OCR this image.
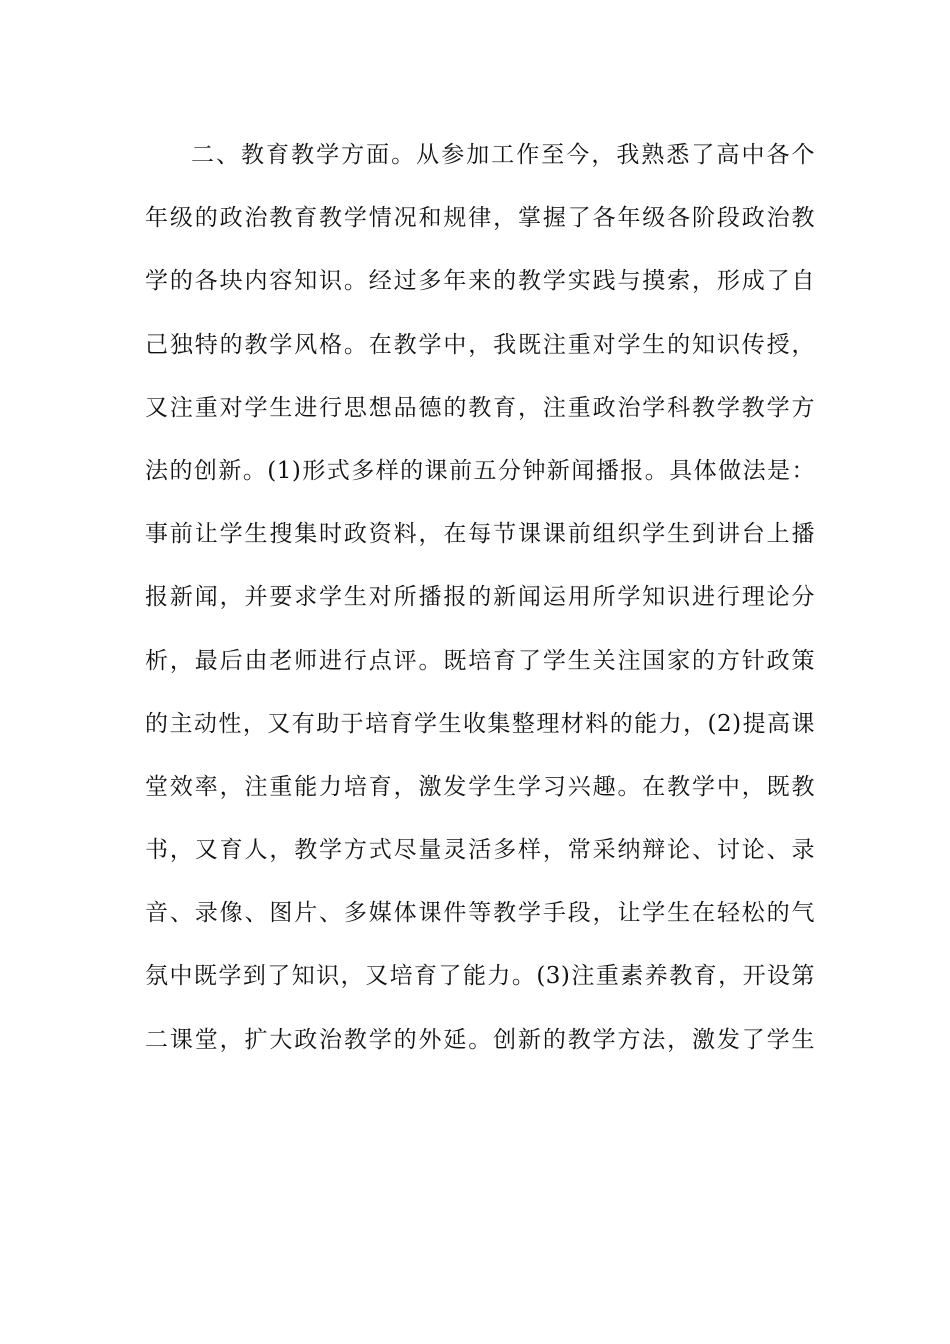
二、教育教学方面。从参加工作至今，我熟悉了高中各个
年级的政治教育教学情况和规律，掌握了各年级各阶段政治教
学的各块内容知识。经过多年来的教学实践与摸索，形成了自
己独特的教学风格。在教学中，我既注重对学生的知识传授，
又注重对学生进行思想品德的教育，注重政治学科教学教学方
法的创新。(1)形式多样的课前五分钟新闻播报。具体做法是：
事前让学生搜集时政资料，在每节课课前组织学生到讲台上播
报新闻，并要求学生对所播报的新闻运用所学知识进行理论分
析，最后由老师进行点评。既培育了学生关注国家的方针政策
的主动性，又有助于培育学生收集整理材料的能力，(2)提高课
堂效率，注重能力培育，激发学生学习兴趣。在教学中，既教
书，又育人，教学方式尽量灵活多样，常采纳辩论、讨论、录
音、录像、图片、多媒体课件等教学手段，让学生在轻松的气
氛中既学到了知识，又培育了能力。(3)注重素养教育，开设第
二课堂，扩大政治教学的外延。创新的教学方法，激发了学生
